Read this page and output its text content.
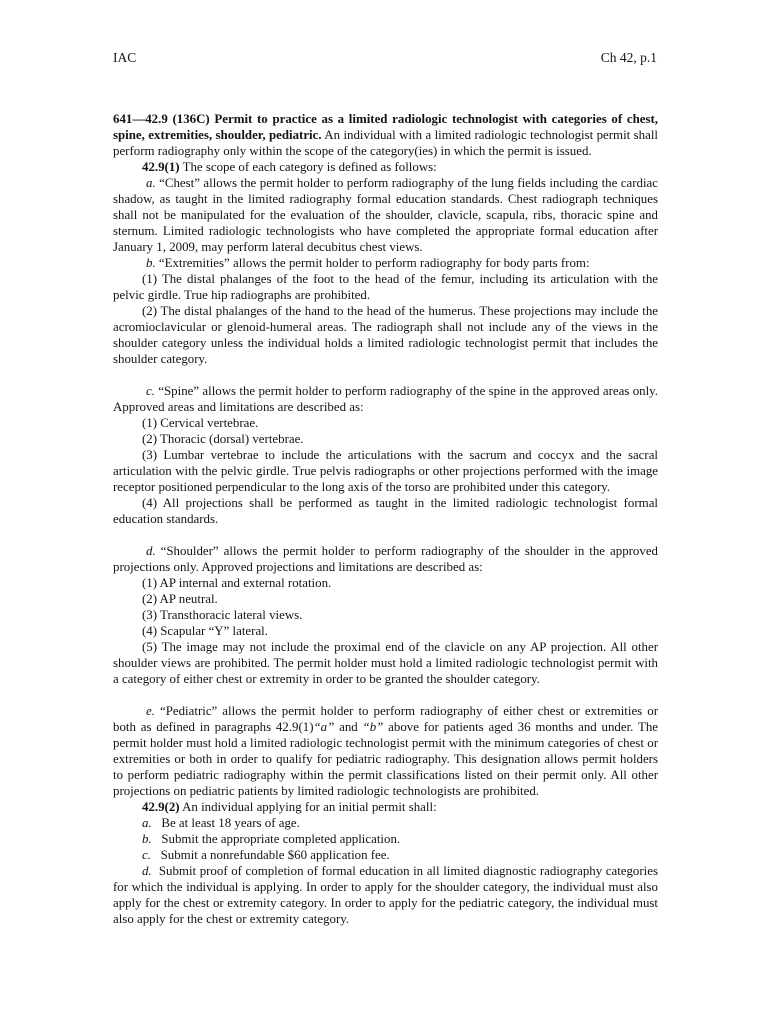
IAC	Ch 42, p.1

641—42.9 (136C) Permit to practice as a limited radiologic technologist with categories of chest, spine, extremities, shoulder, pediatric. An individual with a limited radiologic technologist permit shall perform radiography only within the scope of the category(ies) in which the permit is issued.

42.9(1) The scope of each category is defined as follows:

a. “Chest” allows the permit holder to perform radiography of the lung fields including the cardiac shadow, as taught in the limited radiography formal education standards. Chest radiograph techniques shall not be manipulated for the evaluation of the shoulder, clavicle, scapula, ribs, thoracic spine and sternum. Limited radiologic technologists who have completed the appropriate formal education after January 1, 2009, may perform lateral decubitus chest views.

b. “Extremities” allows the permit holder to perform radiography for body parts from:

(1) The distal phalanges of the foot to the head of the femur, including its articulation with the pelvic girdle. True hip radiographs are prohibited.

(2) The distal phalanges of the hand to the head of the humerus. These projections may include the acromioclavicular or glenoid-humeral areas. The radiograph shall not include any of the views in the shoulder category unless the individual holds a limited radiologic technologist permit that includes the shoulder category.

c. “Spine” allows the permit holder to perform radiography of the spine in the approved areas only. Approved areas and limitations are described as:

(1) Cervical vertebrae.

(2) Thoracic (dorsal) vertebrae.

(3) Lumbar vertebrae to include the articulations with the sacrum and coccyx and the sacral articulation with the pelvic girdle. True pelvis radiographs or other projections performed with the image receptor positioned perpendicular to the long axis of the torso are prohibited under this category.

(4) All projections shall be performed as taught in the limited radiologic technologist formal education standards.

d. “Shoulder” allows the permit holder to perform radiography of the shoulder in the approved projections only. Approved projections and limitations are described as:

(1) AP internal and external rotation.

(2) AP neutral.

(3) Transthoracic lateral views.

(4) Scapular “Y” lateral.

(5) The image may not include the proximal end of the clavicle on any AP projection. All other shoulder views are prohibited. The permit holder must hold a limited radiologic technologist permit with a category of either chest or extremity in order to be granted the shoulder category.

e. “Pediatric” allows the permit holder to perform radiography of either chest or extremities or both as defined in paragraphs 42.9(1)“a” and “b” above for patients aged 36 months and under. The permit holder must hold a limited radiologic technologist permit with the minimum categories of chest or extremities or both in order to qualify for pediatric radiography. This designation allows permit holders to perform pediatric radiography within the permit classifications listed on their permit only. All other projections on pediatric patients by limited radiologic technologists are prohibited.

42.9(2) An individual applying for an initial permit shall:

a. Be at least 18 years of age.

b. Submit the appropriate completed application.

c. Submit a nonrefundable $60 application fee.

d. Submit proof of completion of formal education in all limited diagnostic radiography categories for which the individual is applying. In order to apply for the shoulder category, the individual must also apply for the chest or extremity category. In order to apply for the pediatric category, the individual must also apply for the chest or extremity category.
